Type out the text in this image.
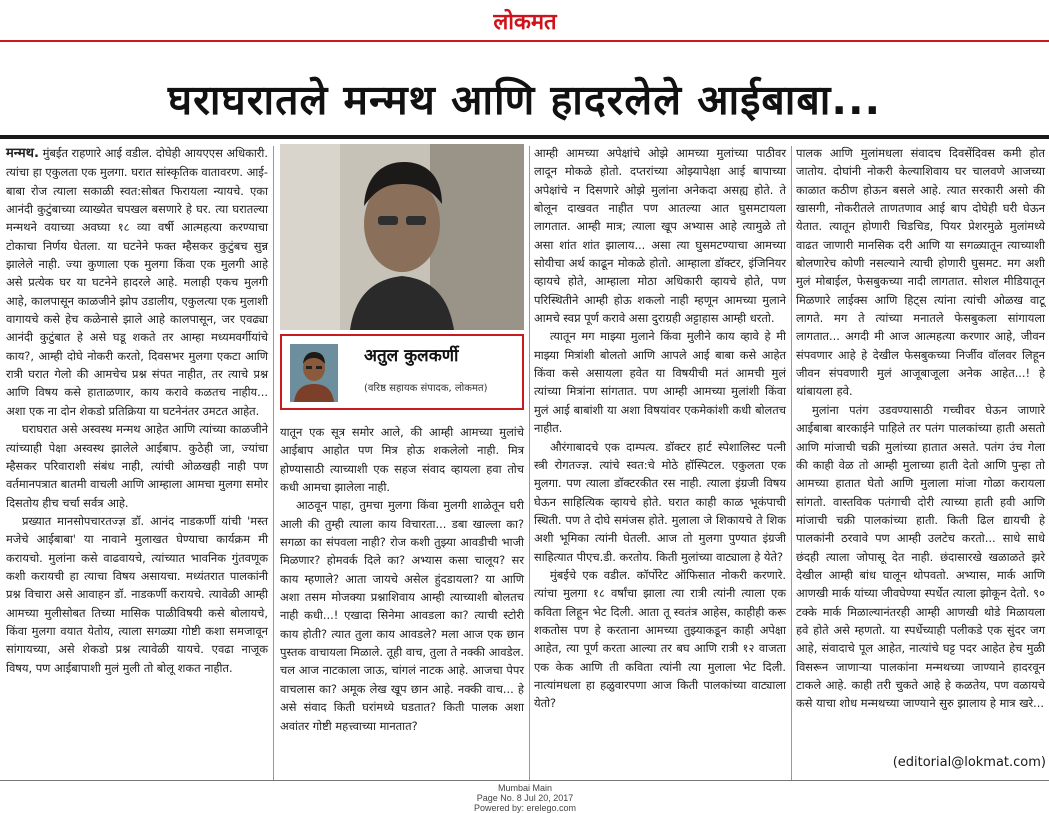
लोकमत
घराघरातले मन्मथ आणि हादरलेले आईबाबा...

मन्मथ. मुंबईत राहणारे आई वडील. दोघेही आयएएस अधिकारी. त्यांचा हा एकुलता एक मुलगा. घरात सांस्कृतिक वातावरण. आई-बाबा रोज त्याला सकाळी स्वत:सोबत फिरायला न्यायचे. एका आनंदी कुटुंबाच्या व्याख्येत चपखल बसणारे हे घर. त्या घरातल्या मन्मथने वयाच्या अवघ्या १८ व्या वर्षी आत्महत्या करण्याचा टोकाचा निर्णय घेतला. या घटनेने फक्त म्हैसकर कुटुंबच सुन्न झालेले नाही. ज्या कुणाला एक मुलगा किंवा एक मुलगी आहे असे प्रत्येक घर या घटनेने हादरले आहे. मलाही एकच मुलगी आहे, कालपासून काळजीने झोप उडालीय, एकुलत्या एक मुलाशी वागायचे कसे हेच कळेनासे झाले आहे कालपासून, जर एवढ्या आनंदी कुटुंबात हे असे घडू शकते तर आम्हा मध्यमवर्गीयांचे काय?, आम्ही दोघे नोकरी करतो, दिवसभर मुलगा एकटा आणि रात्री घरात गेलो की आमचेच प्रश्न संपत नाहीत, तर त्याचे प्रश्न आणि विषय कसे हाताळणार, काय करावे कळतच नाहीय... अशा एक ना दोन शेकडो प्रतिक्रिया या घटनेनंतर उमटत आहेत.

घराघरात असे अस्वस्थ मन्मथ आहेत आणि त्यांच्या काळजीने त्यांच्याही पेक्षा अस्वस्थ झालेले आईबाप. कुठेही जा, ज्यांचा म्हैसकर परिवाराशी संबंध नाही, त्यांची ओळखही नाही पण वर्तमानपत्रात बातमी वाचली आणि आम्हाला आमचा मुलगा समोर दिसतोय हीच चर्चा सर्वत्र आहे.

प्रख्यात मानसोपचारतज्ज्ञ डॉ. आनंद नाडकर्णी यांची 'मस्त मजेचे आईबाबा' या नावाने मुलाखत घेण्याचा कार्यक्रम मी करायचो. मुलांना कसे वाढवायचे, त्यांच्यात भावनिक गुंतवणूक कशी करायची हा त्याचा विषय असायचा. मध्यंतरात पालकांनी प्रश्न विचारा असे आवाहन डॉ. नाडकर्णी करायचे. त्यावेळी आम्ही आमच्या मुलीसोबत तिच्या मासिक पाळीविषयी कसे बोलायचे, किंवा मुलगा वयात येतोय, त्याला सगळ्या गोष्टी कशा समजावून सांगायच्या, असे शेकडो प्रश्न त्यावेळी यायचे. एवढा नाजूक विषय, पण आईबापाशी मुलं मुली तो बोलू शकत नाहीत.

अतुल कुलकर्णी
(वरिष्ठ सहायक संपादक, लोकमत)

यातून एक सूत्र समोर आले, की आम्ही आमच्या मुलांचे आईबाप आहोत पण मित्र होऊ शकलेलो नाही. मित्र होण्यासाठी त्याच्याशी एक सहज संवाद व्हायला हवा तोच कधी आमचा झालेला नाही.

आठवून पाहा, तुमचा मुलगा किंवा मुलगी शाळेतून घरी आली की तुम्ही त्याला काय विचारता... डबा खाल्ला का? सगळा का संपवला नाही? रोज कशी तुझ्या आवडीची भाजी मिळणार? होमवर्क दिले का? अभ्यास कसा चालूय? सर काय म्हणाले? आता जायचे असेल हुंदडायला? या आणि अशा तसम मोजक्या प्रश्नाशिवाय आम्ही त्याच्याशी बोलतच नाही कधी...! एखादा सिनेमा आवडला का? त्याची स्टोरी काय होती? त्यात तुला काय आवडले? मला आज एक छान पुस्तक वाचायला मिळाले. तूही वाच, तुला ते नक्की आवडेल. चल आज नाटकाला जाऊ, चांगलं नाटक आहे. आजचा पेपर वाचलास का? अमूक लेख खूप छान आहे. नक्की वाच... हे असे संवाद किती घरांमध्ये घडतात? किती पालक अशा अवांतर गोष्टी महत्त्वाच्या मानतात?

आम्ही आमच्या अपेक्षांचे ओझे आमच्या मुलांच्या पाठीवर लादून मोकळे होतो. दप्तरांच्या ओझ्यापेक्षा आई बापाच्या अपेक्षांचे न दिसणारे ओझे मुलांना अनेकदा असह्य होते. ते बोलून दाखवत नाहीत पण आतल्या आत घुसमटायला लागतात. आम्ही मात्र; त्याला खूप अभ्यास आहे त्यामुळे तो असा शांत शांत झालाय... असा त्या घुसमटण्याचा आमच्या सोयीचा अर्थ काढून मोकळे होतो. आम्हाला डॉक्टर, इंजिनियर व्हायचे होते, आम्हाला मोठा अधिकारी व्हायचे होते, पण परिस्थितीने आम्ही होऊ शकलो नाही म्हणून आमच्या मुलाने आमचे स्वप्न पूर्ण करावे असा दुराग्रही अट्टाहास आम्ही धरतो.

त्यातून मग माझ्या मुलाने किंवा मुलीने काय व्हावे हे मी माझ्या मित्रांशी बोलतो आणि आपले आई बाबा कसे आहेत किंवा कसे असायला हवेत या विषयीची मतं आमची मुलं त्यांच्या मित्रांना सांगतात. पण आम्ही आमच्या मुलांशी किंवा मुलं आई बाबांशी या अशा विषयांवर एकमेकांशी कधी बोलतच नाहीत.

औरंगाबादचे एक दाम्पत्य. डॉक्टर हार्ट स्पेशालिस्ट पत्नी स्त्री रोगतज्ज्ञ. त्यांचे स्वत:चे मोठे हॉस्पिटल. एकुलता एक मुलगा. पण त्याला डॉक्टरकीत रस नाही. त्याला इंग्रजी विषय घेऊन साहित्यिक व्हायचे होते. घरात काही काळ भूकंपाची स्थिती. पण ते दोघे समंजस होते. मुलाला जे शिकायचे ते शिक अशी भूमिका त्यांनी घेतली. आज तो मुलगा पुण्यात इंग्रजी साहित्यात पीएच.डी. करतोय. किती मुलांच्या वाट्याला हे येते?

मुंबईचे एक वडील. कॉर्पोरेट ऑफिसात नोकरी करणारे. त्यांचा मुलगा १८ वर्षांचा झाला त्या रात्री त्यांनी त्याला एक कविता लिहून भेट दिली. आता तू स्वतंत्र आहेस, काहीही करू शकतोस पण हे करताना आमच्या तुझ्याकडून काही अपेक्षा आहेत, त्या पूर्ण करता आल्या तर बघ आणि रात्री १२ वाजता एक केक आणि ती कविता त्यांनी त्या मुलाला भेट दिली. नात्यांमधला हा हळुवारपणा आज किती पालकांच्या वाट्याला येतो?

पालक आणि मुलांमधला संवादच दिवसेंदिवस कमी होत जातोय. दोघांनी नोकरी केल्याशिवाय घर चालवणे आजच्या काळात कठीण होऊन बसले आहे. त्यात सरकारी असो की खासगी, नोकरीतले ताणतणाव आई बाप दोघेही घरी घेऊन येतात. त्यातून होणारी चिडचिड, पियर प्रेशरमुळे मुलांमध्ये वाढत जाणारी मानसिक दरी आणि या सगळ्यातून त्याच्याशी बोलणारेच कोणी नसल्याने त्याची होणारी घुसमट. मग अशी मुलं मोबाईल, फेसबुकच्या नादी लागतात. सोशल मीडियातून मिळणारे लाईक्स आणि हिट्स त्यांना त्यांची ओळख वाटू लागते. मग ते त्यांच्या मनातले फेसबुकला सांगायला लागतात... अगदी मी आज आत्महत्या करणार आहे, जीवन संपवणार आहे हे देखील फेसबुकच्या निर्जीव वॉलवर लिहून जीवन संपवणारी मुलं आजूबाजूला अनेक आहेत...! हे थांबायला हवे.

मुलांना पतंग उडवण्यासाठी गच्चीवर घेऊन जाणारे आईबाबा बारकाईने पाहिले तर पतंग पालकांच्या हाती असतो आणि मांजाची चक्री मुलांच्या हातात असते. पतंग उंच गेला की काही वेळ तो आम्ही मुलाच्या हाती देतो आणि पुन्हा तो आमच्या हातात घेतो आणि मुलाला मांजा गोळा करायला सांगतो. वास्तविक पतंगाची दोरी त्याच्या हाती हवी आणि मांजाची चक्री पालकांच्या हाती. किती ढिल द्यायची हे पालकांनी ठरवावे पण आम्ही उलटेच करतो... साधे साधे छंदही त्याला जोपासू देत नाही. छंदासारखे खळाळते झरे देखील आम्ही बांध घालून थोपवतो. अभ्यास, मार्क आणि आणखी मार्क यांच्या जीवघेण्या स्पर्धेत त्याला झोकून देतो. ९० टक्के मार्क मिळाल्यानंतरही आम्ही आणखी थोडे मिळायला हवे होते असे म्हणतो. या स्पर्धेच्याही पलीकडे एक सुंदर जग आहे, संवादाचे पूल आहेत, नात्यांचे घट्ट पदर आहेत हेच मुळी विसरून जाणाऱ्या पालकांना मन्मथच्या जाण्याने हादरवून टाकले आहे. काही तरी चुकते आहे हे कळतेय, पण वळायचे कसे याचा शोध मन्मथच्या जाण्याने सुरु झालाय हे मात्र खरे...

(editorial@lokmat.com)
Mumbai Main
Page No. 8 Jul 20, 2017
Powered by: erelego.com
